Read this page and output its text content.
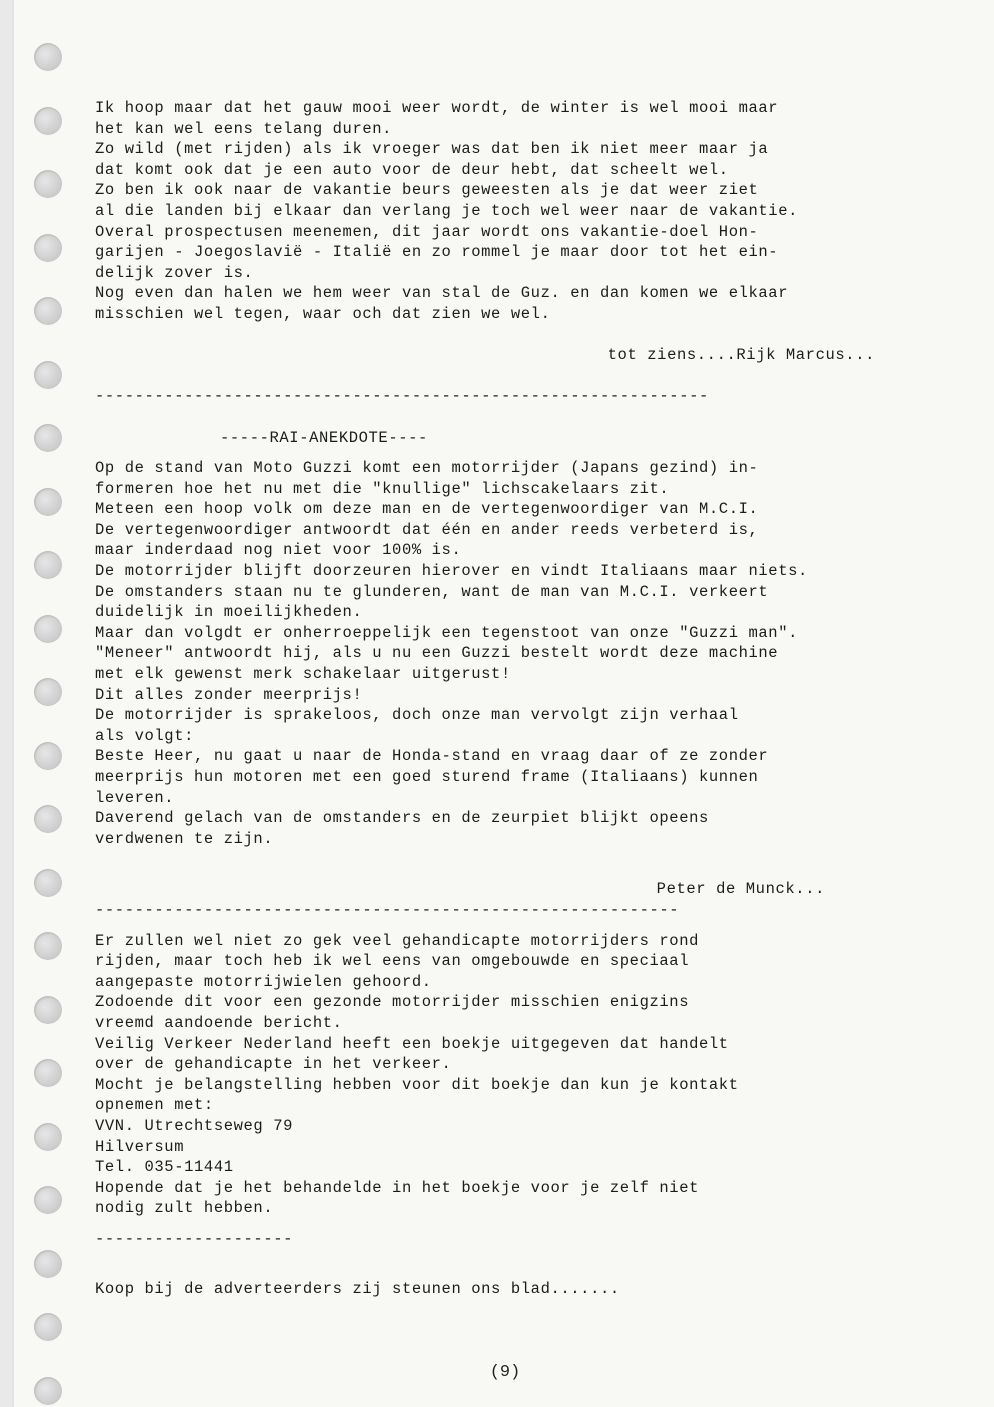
Ik hoop maar dat het gauw mooi weer wordt, de winter is wel mooi maar
het kan wel eens telang duren.
Zo wild (met rijden) als ik vroeger was dat ben ik niet meer maar ja
dat komt ook dat je een auto voor de deur hebt, dat scheelt wel.
Zo ben ik ook naar de vakantie beurs geweesten als je dat weer ziet
al die landen bij elkaar dan verlang je toch wel weer naar de vakantie.
Overal prospectusen meenemen, dit jaar wordt ons vakantie-doel Hon-
garijen - Joegoslavië - Italië en zo rommel je maar door tot het ein-
delijk zover is.
Nog even dan halen we hem weer van stal de Guz. en dan komen we elkaar
misschien wel tegen, waar och dat zien we wel.
tot ziens....Rijk Marcus...
--------------------------------------------------------------
-----RAI-ANEKDOTE----
Op de stand van Moto Guzzi komt een motorrijder (Japans gezind) in-
formeren hoe het nu met die "knullige" lichscakelaars zit.
Meteen een hoop volk om deze man en de vertegenwoordiger van M.C.I.
De vertegenwoordiger antwoordt dat één en ander reeds verbeterd is,
maar inderdaad nog niet voor 100% is.
De motorrijder blijft doorzeuren hierover en vindt Italiaans maar niets.
De omstanders staan nu te glunderen, want de man van M.C.I. verkeert
duidelijk in moeilijkheden.
Maar dan volgdt er onherroeppelijk een tegenstoot van onze "Guzzi man".
"Meneer" antwoordt hij, als u nu een Guzzi bestelt wordt deze machine
met elk gewenst merk schakelaar uitgerust!
Dit alles zonder meerprijs!
De motorrijder is sprakeloos, doch onze man vervolgt zijn verhaal
als volgt:
Beste Heer, nu gaat u naar de Honda-stand en vraag daar of ze zonder
meerprijs hun motoren met een goed sturend frame (Italiaans) kunnen
leveren.
Daverend gelach van de omstanders en de zeurpiet blijkt opeens
verdwenen te zijn.
Peter de Munck...
-----------------------------------------------------------
Er zullen wel niet zo gek veel gehandicapte motorrijders rond
rijden, maar toch heb ik wel eens van omgebouwde en speciaal
aangepaste motorrijwielen gehoord.
Zodoende dit voor een gezonde motorrijder misschien enigzins
vreemd aandoende bericht.
Veilig Verkeer Nederland heeft een boekje uitgegeven dat handelt
over de gehandicapte in het verkeer.
Mocht je belangstelling hebben voor dit boekje dan kun je kontakt
opnemen met:
VVN. Utrechtseweg 79
Hilversum
Tel. 035-11441
Hopende dat je het behandelde in het boekje voor je zelf niet
nodig zult hebben.
--------------------
Koop bij de adverteerders zij steunen ons blad.......
(9)
